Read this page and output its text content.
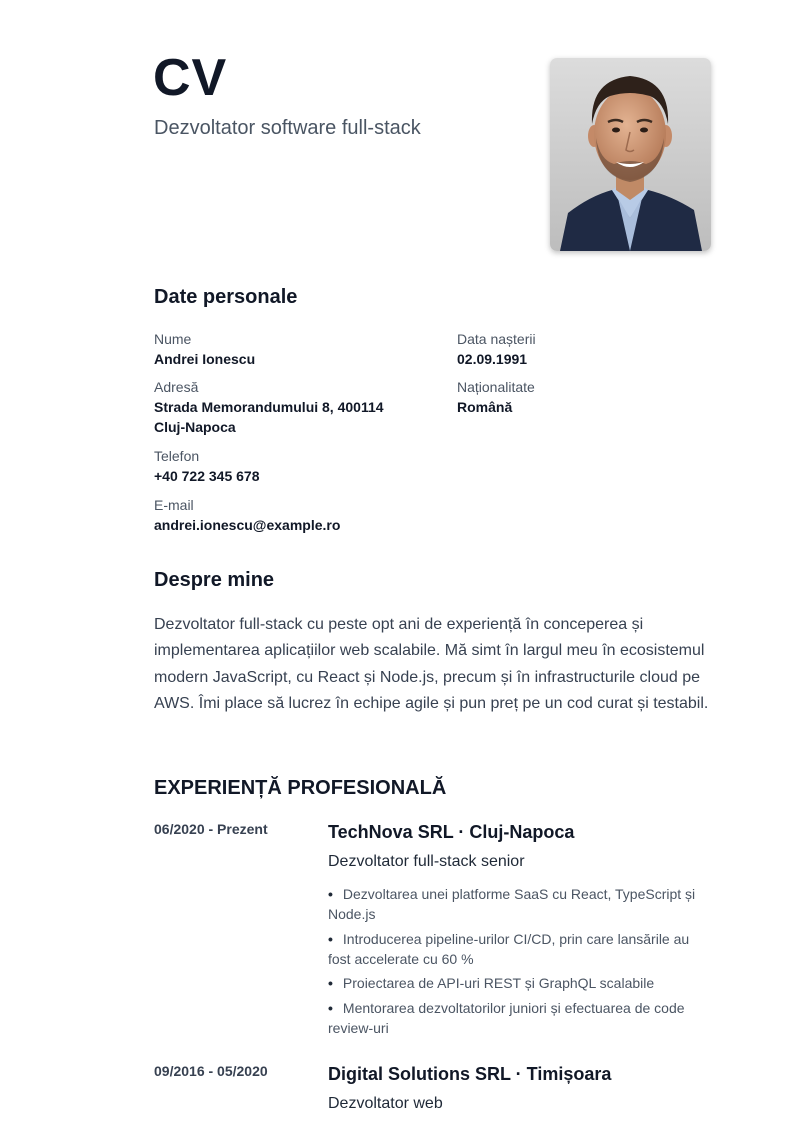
CV
Dezvoltator software full-stack
Date personale
Nume
Andrei Ionescu
Adresă
Strada Memorandumului 8, 400114
Cluj-Napoca
Telefon
+40 722 345 678
E-mail
andrei.ionescu@example.ro
Data nașterii
02.09.1991
Naționalitate
Română
Despre mine
Dezvoltator full-stack cu peste opt ani de experiență în conceperea și implementarea aplicațiilor web scalabile. Mă simt în largul meu în ecosistemul modern JavaScript, cu React și Node.js, precum și în infrastructurile cloud pe AWS. Îmi place să lucrez în echipe agile și pun preț pe un cod curat și testabil.
EXPERIENȚĂ PROFESIONALĂ
06/2020 - Prezent	TechNova SRL · Cluj-Napoca
Dezvoltator full-stack senior
• Dezvoltarea unei platforme SaaS cu React, TypeScript și Node.js
• Introducerea pipeline-urilor CI/CD, prin care lansările au fost accelerate cu 60 %
• Proiectarea de API-uri REST și GraphQL scalabile
• Mentorarea dezvoltatorilor juniori și efectuarea de code review-uri
09/2016 - 05/2020	Digital Solutions SRL · Timișoara
Dezvoltator web
